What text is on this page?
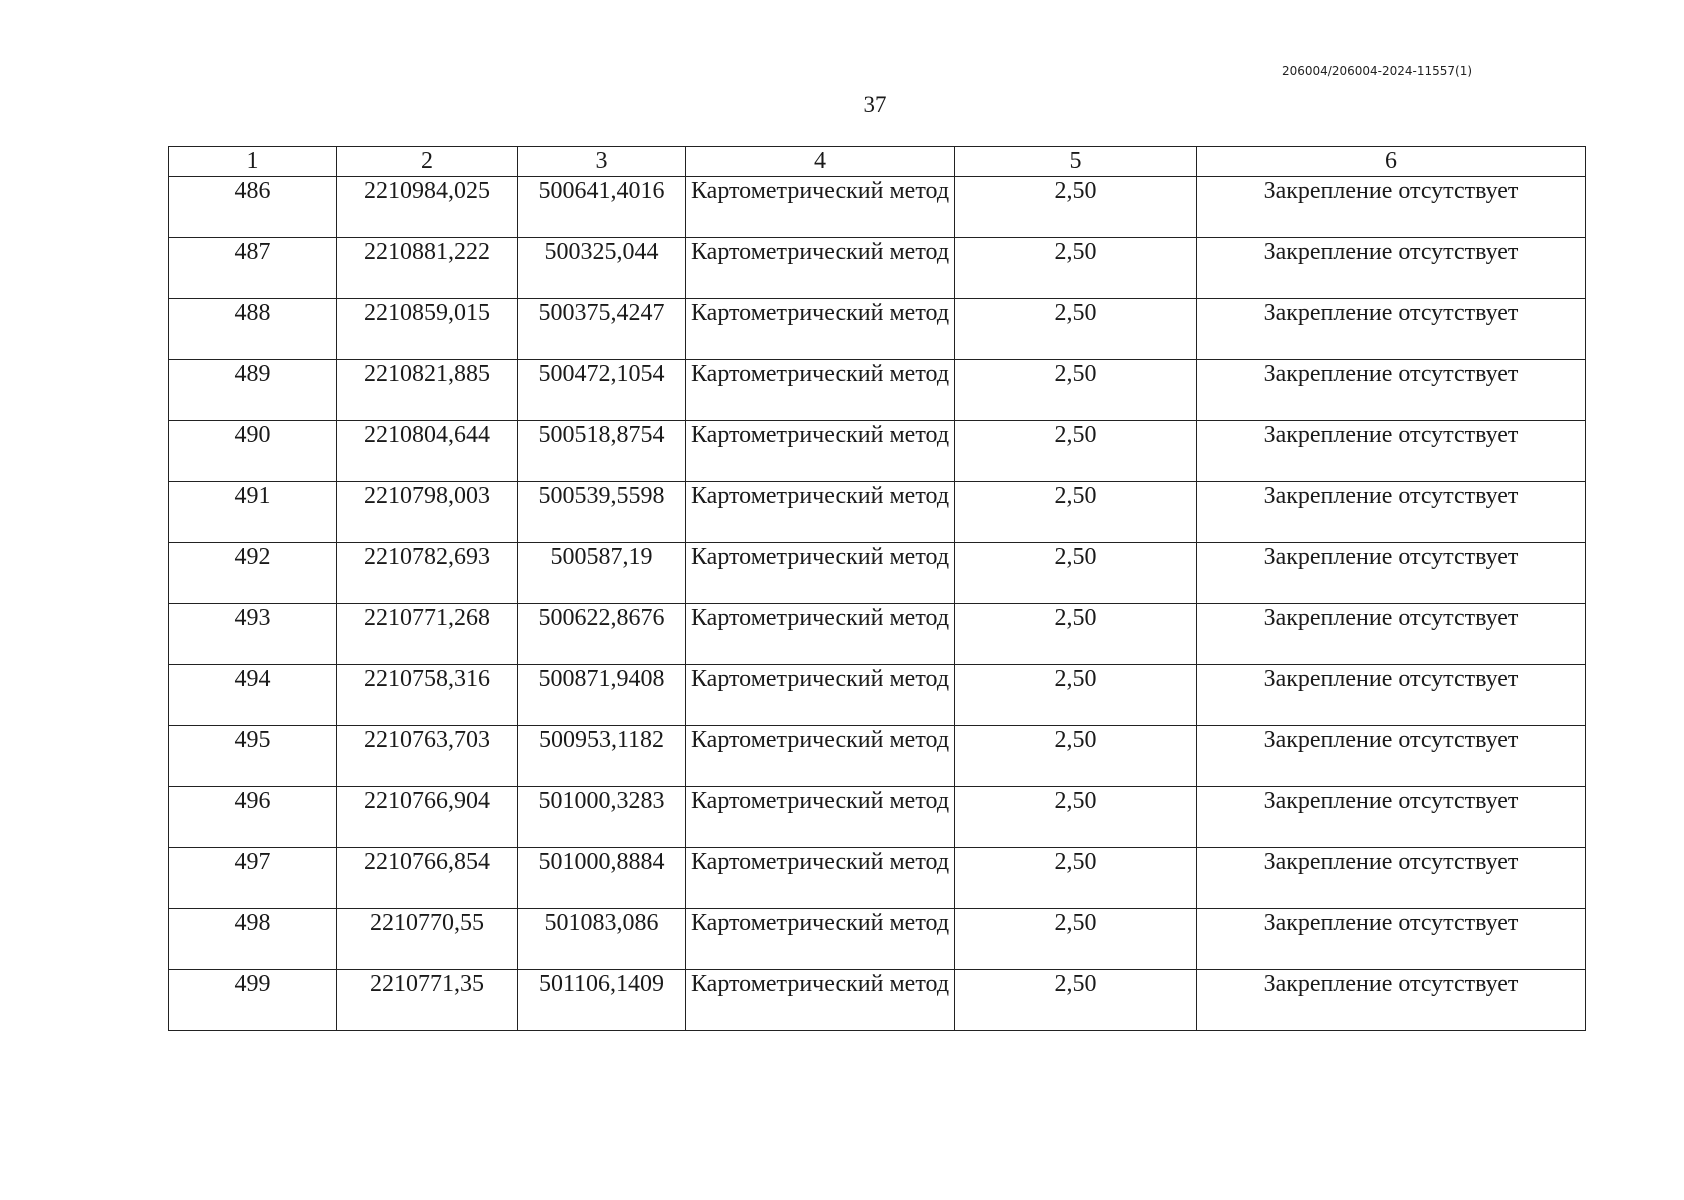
206004/206004-2024-11557(1)
37
1	2	3	4	5	6
486	2210984,025	500641,4016	Картометрический метод	2,50	Закрепление отсутствует
487	2210881,222	500325,044	Картометрический метод	2,50	Закрепление отсутствует
488	2210859,015	500375,4247	Картометрический метод	2,50	Закрепление отсутствует
489	2210821,885	500472,1054	Картометрический метод	2,50	Закрепление отсутствует
490	2210804,644	500518,8754	Картометрический метод	2,50	Закрепление отсутствует
491	2210798,003	500539,5598	Картометрический метод	2,50	Закрепление отсутствует
492	2210782,693	500587,19	Картометрический метод	2,50	Закрепление отсутствует
493	2210771,268	500622,8676	Картометрический метод	2,50	Закрепление отсутствует
494	2210758,316	500871,9408	Картометрический метод	2,50	Закрепление отсутствует
495	2210763,703	500953,1182	Картометрический метод	2,50	Закрепление отсутствует
496	2210766,904	501000,3283	Картометрический метод	2,50	Закрепление отсутствует
497	2210766,854	501000,8884	Картометрический метод	2,50	Закрепление отсутствует
498	2210770,55	501083,086	Картометрический метод	2,50	Закрепление отсутствует
499	2210771,35	501106,1409	Картометрический метод	2,50	Закрепление отсутствует
